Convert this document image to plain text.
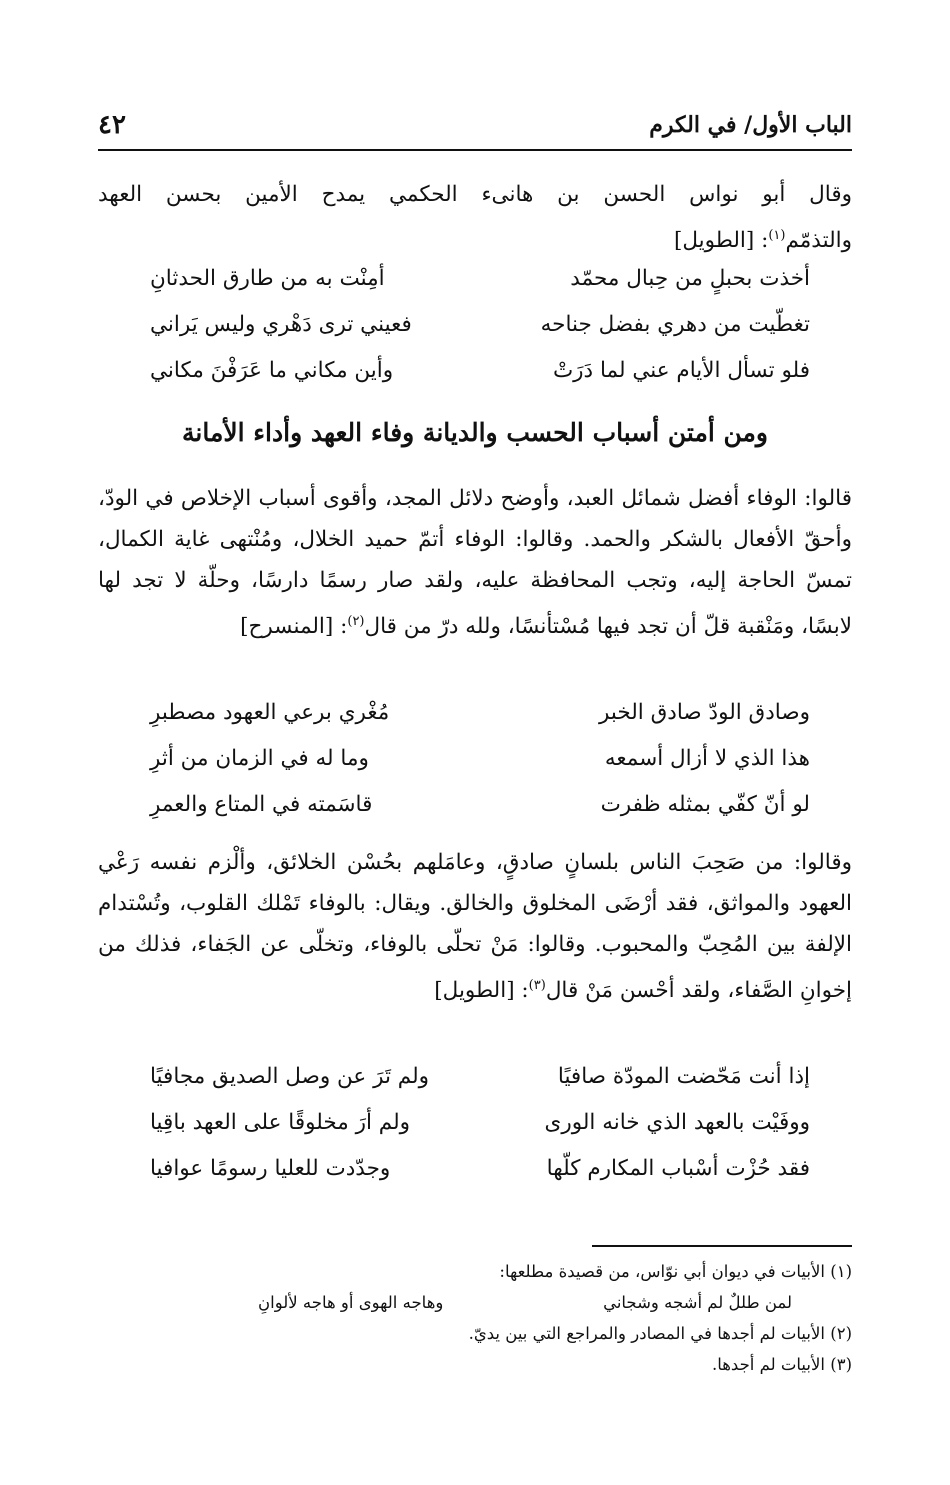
الباب الأول/ في الكرم
٤٢
وقال أبو نواس الحسن بن هانىء الحكمي يمدح الأمين بحسن العهد والتذمّم$^{(١)}$: [الطويل]
أخذت بحبلٍ من حِبال محمّد
أمِنْت به من طارق الحدثانِ
تغطّيت من دهري بفضل جناحه
فعيني ترى دَهْري وليس يَراني
فلو تسأل الأيام عني لما دَرَتْ
وأين مكاني ما عَرَفْنَ مكاني
ومن أمتن أسباب الحسب والديانة وفاء العهد وأداء الأمانة
قالوا: الوفاء أفضل شمائل العبد، وأوضح دلائل المجد، وأقوى أسباب الإخلاص في الودّ، وأحقّ الأفعال بالشكر والحمد. وقالوا: الوفاء أتمّ حميد الخلال، ومُنْتهى غاية الكمال، تمسّ الحاجة إليه، وتجب المحافظة عليه، ولقد صار رسمًا دارسًا، وحلّة لا تجد لها لابسًا، ومَنْقبة قلّ أن تجد فيها مُسْتأنسًا، ولله درّ من قال$^{(٢)}$: [المنسرح]
وصادق الودّ صادق الخبر
مُغْري برعي العهود مصطبرِ
هذا الذي لا أزال أسمعه
وما له في الزمان من أثرِ
لو أنّ كفّي بمثله ظفرت
قاسَمته في المتاع والعمرِ
وقالوا: من صَحِبَ الناس بلسانٍ صادقٍ، وعامَلهم بحُسْن الخلائق، وألْزم نفسه رَعْي العهود والمواثق، فقد أرْضَى المخلوق والخالق. ويقال: بالوفاء تَمْلك القلوب، وتُسْتدام الإلفة بين المُحِبّ والمحبوب. وقالوا: مَنْ تحلّى بالوفاء، وتخلّى عن الجَفاء، فذلك من إخوانِ الصَّفاء، ولقد أحْسن مَنْ قال$^{(٣)}$: [الطويل]
إذا أنت مَحّضت المودّة صافيًا
ولم تَرَ عن وصل الصديق مجافيًا
ووفَيْت بالعهد الذي خانه الورى
ولم أرَ مخلوقًا على العهد باقِيا
فقد حُزْت أسْباب المكارم كلّها
وجدّدت للعليا رسومًا عوافيا
(١) الأبيات في ديوان أبي نوّاس، من قصيدة مطلعها:
لمن طللٌ لم أشجه وشجاني
وهاجه الهوى أو هاجه لألوانِ
(٢) الأبيات لم أجدها في المصادر والمراجع التي بين يديّ.
(٣) الأبيات لم أجدها.
